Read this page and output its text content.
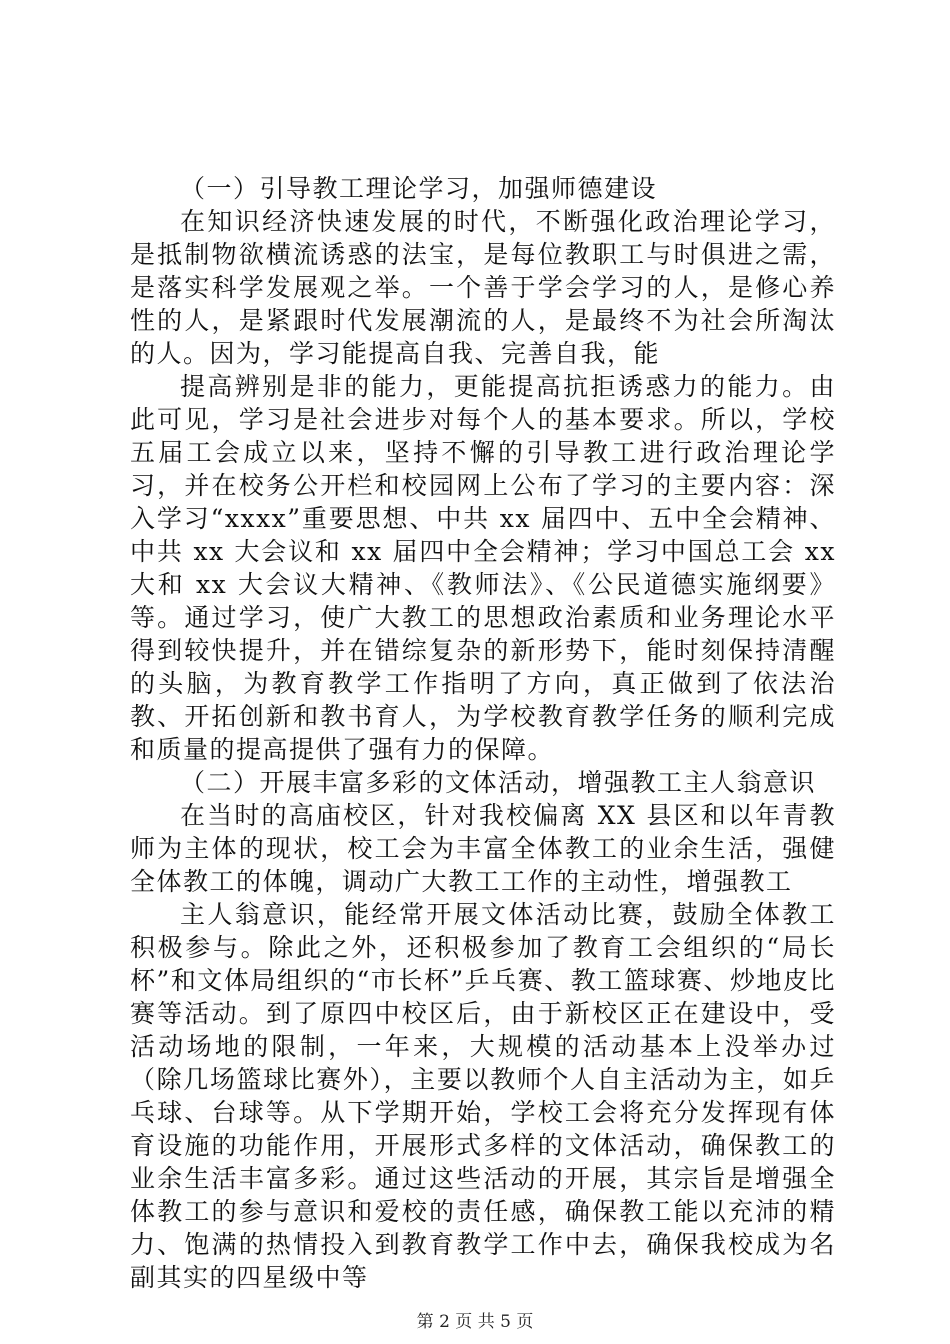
（一）引导教工理论学习，加强师德建设

在知识经济快速发展的时代，不断强化政治理论学习，是抵制物欲横流诱惑的法宝，是每位教职工与时俱进之需，是落实科学发展观之举。一个善于学会学习的人，是修心养性的人，是紧跟时代发展潮流的人，是最终不为社会所淘汰的人。因为，学习能提高自我、完善自我，能

提高辨别是非的能力，更能提高抗拒诱惑力的能力。由此可见，学习是社会进步对每个人的基本要求。所以，学校五届工会成立以来，坚持不懈的引导教工进行政治理论学习，并在校务公开栏和校园网上公布了学习的主要内容：深入学习“xxxx”重要思想、中共 xx 届四中、五中全会精神、中共 xx 大会议和 xx 届四中全会精神；学习中国总工会 xx 大和 xx 大会议大精神、《教师法》、《公民道德实施纲要》等。通过学习，使广大教工的思想政治素质和业务理论水平得到较快提升，并在错综复杂的新形势下，能时刻保持清醒的头脑，为教育教学工作指明了方向，真正做到了依法治教、开拓创新和教书育人，为学校教育教学任务的顺利完成和质量的提高提供了强有力的保障。

（二）开展丰富多彩的文体活动，增强教工主人翁意识

在当时的高庙校区，针对我校偏离 XX 县区和以年青教师为主体的现状，校工会为丰富全体教工的业余生活，强健全体教工的体魄，调动广大教工工作的主动性，增强教工

主人翁意识，能经常开展文体活动比赛，鼓励全体教工积极参与。除此之外，还积极参加了教育工会组织的“局长杯”和文体局组织的“市长杯”乒乓赛、教工篮球赛、炒地皮比赛等活动。到了原四中校区后，由于新校区正在建设中，受活动场地的限制，一年来，大规模的活动基本上没举办过（除几场篮球比赛外），主要以教师个人自主活动为主，如乒乓球、台球等。从下学期开始，学校工会将充分发挥现有体育设施的功能作用，开展形式多样的文体活动，确保教工的业余生活丰富多彩。通过这些活动的开展，其宗旨是增强全体教工的参与意识和爱校的责任感，确保教工能以充沛的精力、饱满的热情投入到教育教学工作中去，确保我校成为名副其实的四星级中等

第 2 页 共 5 页
